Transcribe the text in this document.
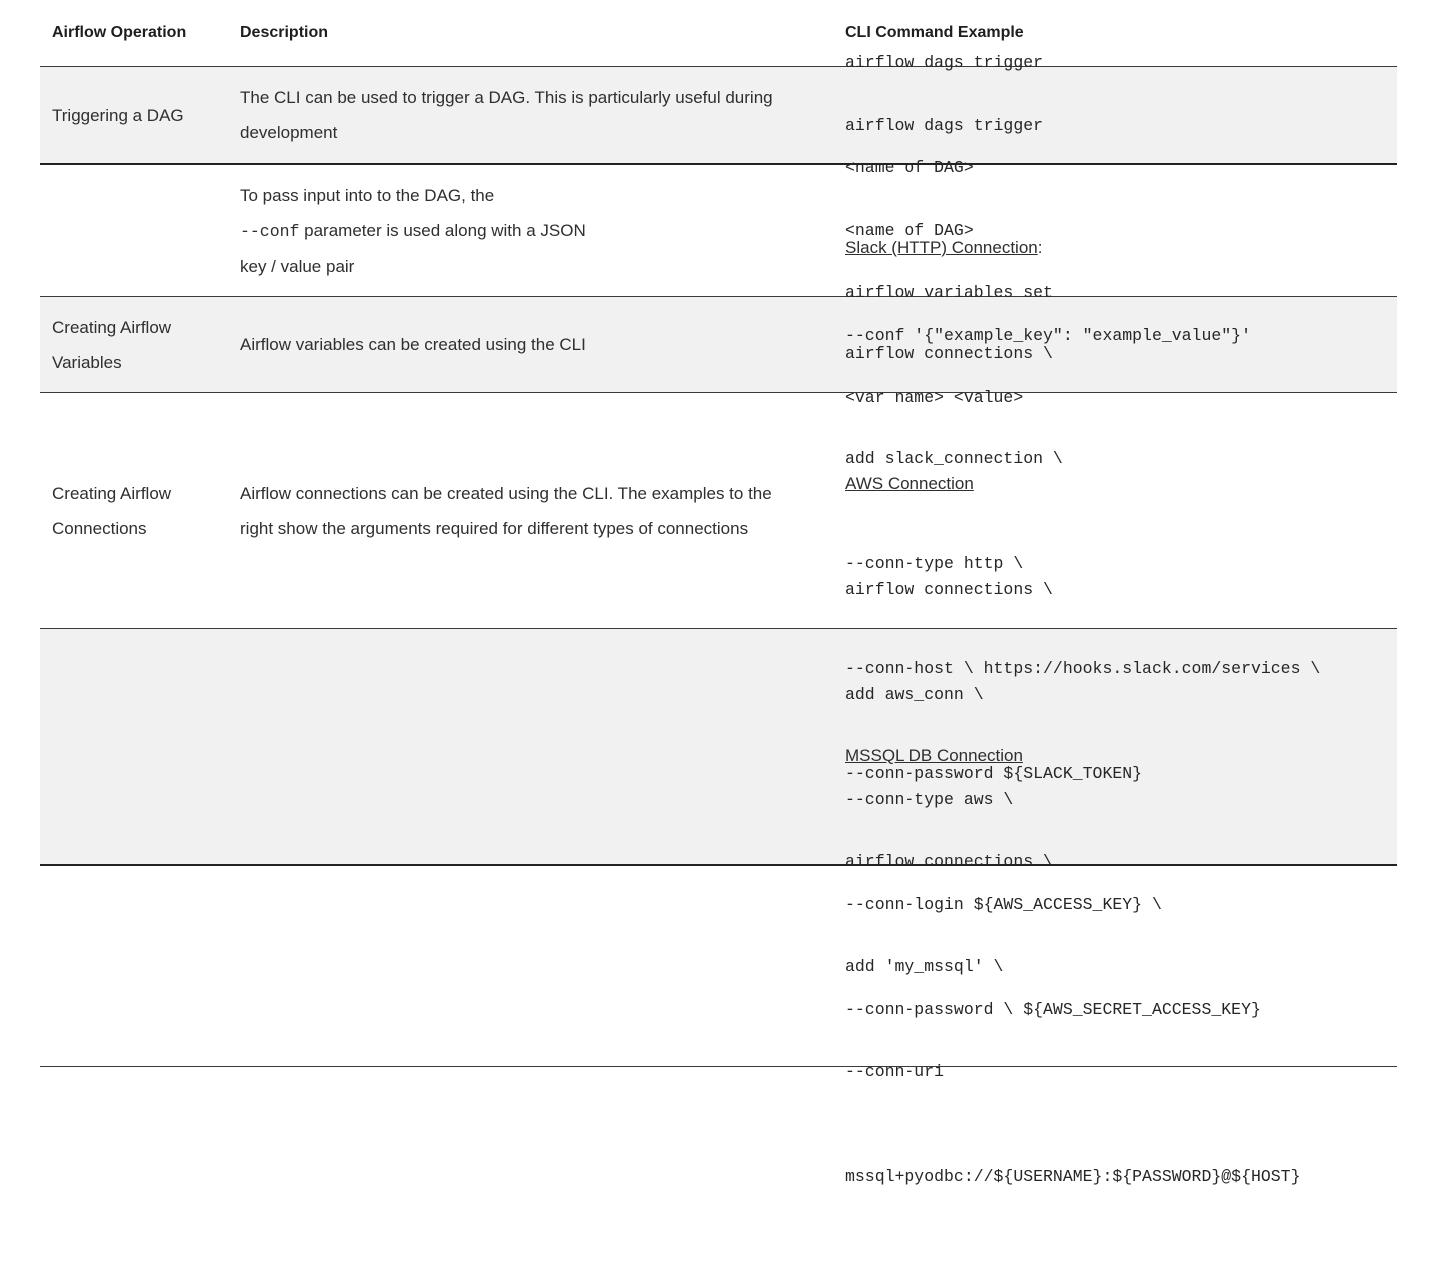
Airflow Operation	Description	CLI Command Example
Triggering a DAG
The CLI can be used to trigger a DAG. This is particularly useful during
development

airflow dags trigger

<name of DAG>

To pass input into to the DAG, the
--conf parameter is used along with a JSON
key / value pair

airflow dags trigger

<name of DAG>

--conf '{"example_key": "example_value"}'

Creating Airflow
Variables
Airflow variables can be created using the CLI

airflow variables set

<var name> <value>

Creating Airflow
Connections
Airflow connections can be created using the CLI. The examples to the
right show the arguments required for different types of connections

Slack (HTTP) Connection:

airflow connections \

add slack_connection \

--conn-type http \

--conn-host \ https://hooks.slack.com/services \

--conn-password ${SLACK_TOKEN}

AWS Connection

airflow connections \

add aws_conn \

--conn-type aws \

--conn-login ${AWS_ACCESS_KEY} \

--conn-password \ ${AWS_SECRET_ACCESS_KEY}

MSSQL DB Connection

airflow connections \

add 'my_mssql' \

--conn-uri

mssql+pyodbc://${USERNAME}:${PASSWORD}@${HOST}
